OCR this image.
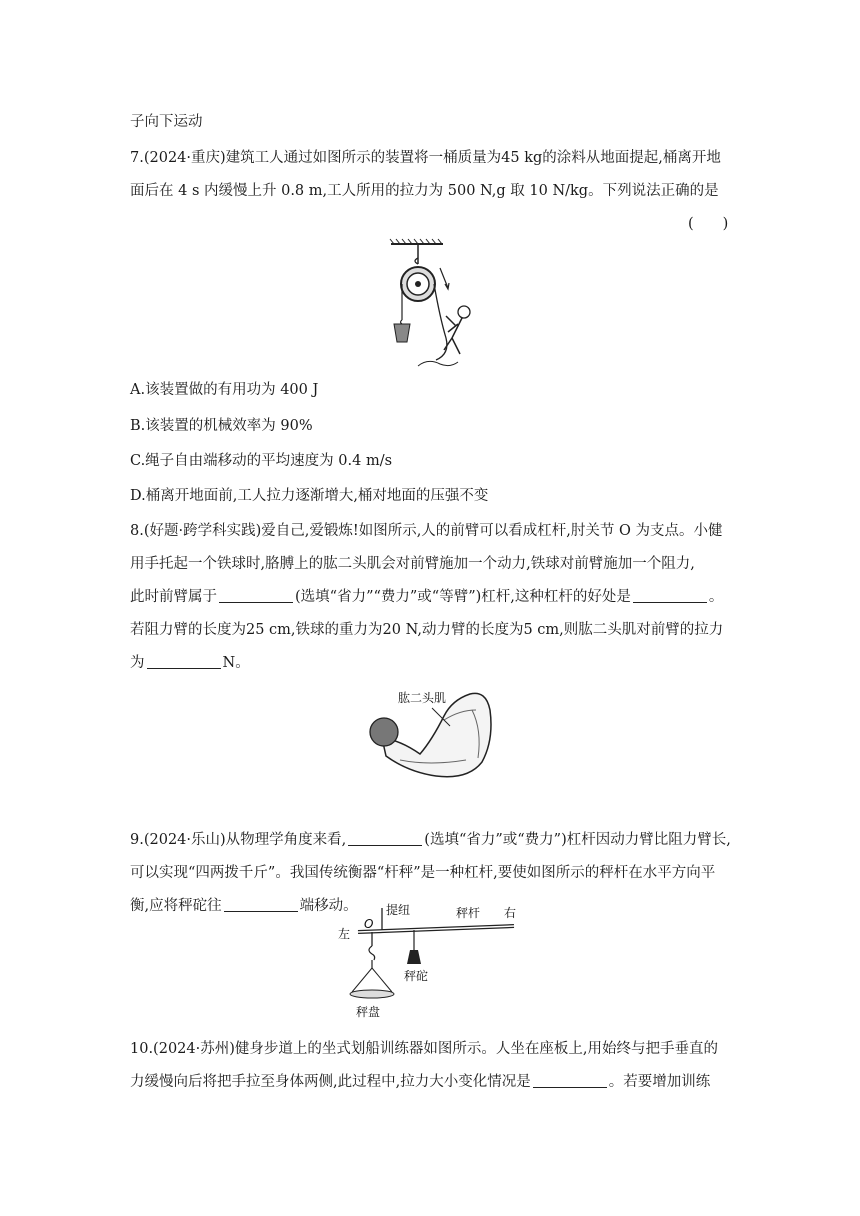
子向下运动
7.(2024·重庆)建筑工人通过如图所示的装置将一桶质量为45 kg的涂料从地面提起,桶离开地
面后在 4 s 内缓慢上升 0.8 m,工人所用的拉力为 500 N,g 取 10 N/kg。下列说法正确的是
(　　)
A.该装置做的有用功为 400 J
B.该装置的机械效率为 90%
C.绳子自由端移动的平均速度为 0.4 m/s
D.桶离开地面前,工人拉力逐渐增大,桶对地面的压强不变
8.(好题·跨学科实践)爱自己,爱锻炼!如图所示,人的前臂可以看成杠杆,肘关节 O 为支点。小健
用手托起一个铁球时,胳膊上的肱二头肌会对前臂施加一个动力,铁球对前臂施加一个阻力,
此时前臂属于	(选填“省力”“费力”或“等臂”)杠杆,这种杠杆的好处是	。
若阻力臂的长度为25 cm,铁球的重力为20 N,动力臂的长度为5 cm,则肱二头肌对前臂的拉力
为	N。
肱二头肌
9.(2024·乐山)从物理学角度来看,	(选填“省力”或“费力”)杠杆因动力臂比阻力臂长,
可以实现“四两拨千斤”。我国传统衡器“杆秤”是一种杠杆,要使如图所示的秤杆在水平方向平
衡,应将秤砣往	端移动。
左
O
提纽	秤杆 右
秤砣
秤盘
10.(2024·苏州)健身步道上的坐式划船训练器如图所示。人坐在座板上,用始终与把手垂直的
力缓慢向后将把手拉至身体两侧,此过程中,拉力大小变化情况是	。若要增加训练
